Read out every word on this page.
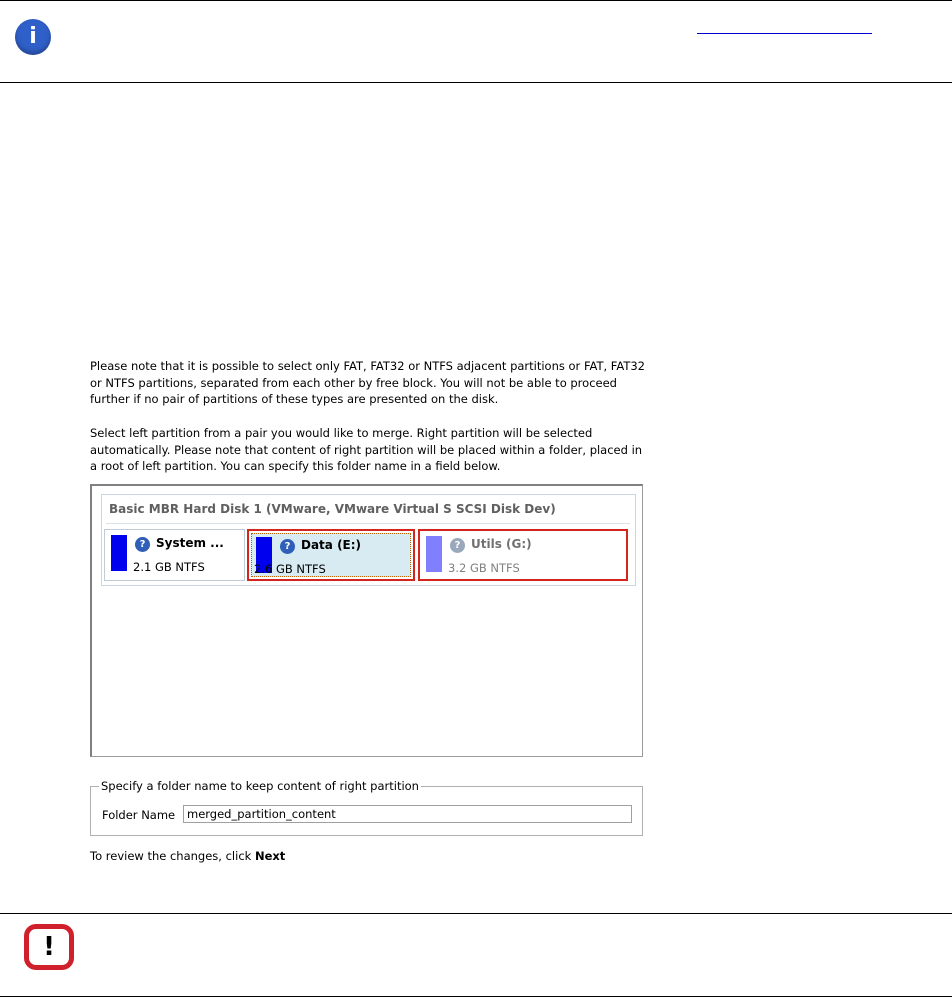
i

Please note that it is possible to select only FAT, FAT32 or NTFS adjacent partitions or FAT, FAT32 or NTFS partitions, separated from each other by free block. You will not be able to proceed further if no pair of partitions of these types are presented on the disk.

Select left partition from a pair you would like to merge. Right partition will be selected automatically. Please note that content of right partition will be placed within a folder, placed in a root of left partition. You can specify this folder name in a field below.

Basic MBR Hard Disk 1 (VMware, VMware Virtual S SCSI Disk Dev)
? System ...
2.1 GB NTFS
? Data (E:)
2.6 GB NTFS
? Utils (G:)
3.2 GB NTFS
Specify a folder name to keep content of right partition
Folder Name	merged_partition_content
To review the changes, click Next
!
